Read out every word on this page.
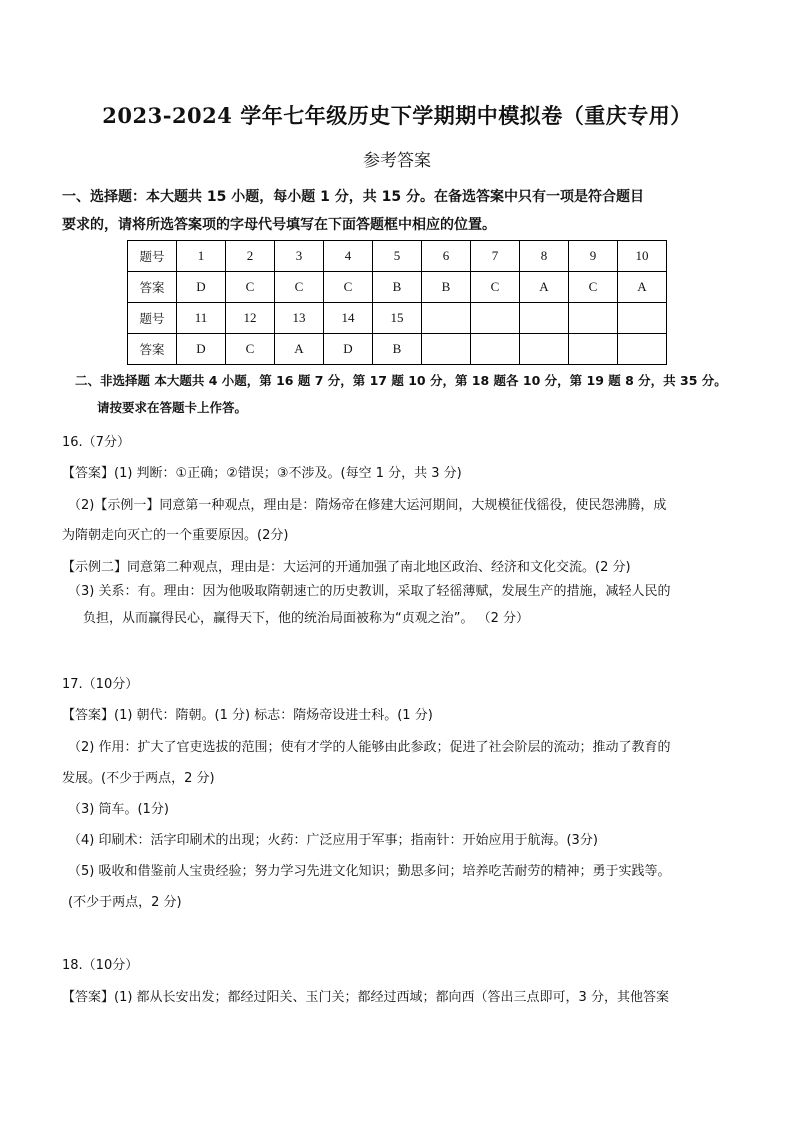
2023-2024 学年七年级历史下学期期中模拟卷（重庆专用）
参考答案
一、选择题：本大题共 15 小题，每小题 1 分，共 15 分。在备选答案中只有一项是符合题目
要求的，请将所选答案项的字母代号填写在下面答题框中相应的位置。
题号	1	2	3	4	5	6	7	8	9	10
答案	D	C	C	C	B	B	C	A	C	A
题号	11	12	13	14	15					
答案	D	C	A	D	B					
二、非选择题 本大题共 4 小题，第 16 题 7 分，第 17 题 10 分，第 18 题各 10 分，第 19 题 8 分，共 35 分。
请按要求在答题卡上作答。
16.（7分）
【答案】(1) 判断：①正确；②错误；③不涉及。(每空 1 分，共 3 分)
（2)【示例一】同意第一种观点，理由是：隋炀帝在修建大运河期间，大规模征伐徭役，使民怨沸腾，成
为隋朝走向灭亡的一个重要原因。(2分)
【示例二】同意第二种观点，理由是：大运河的开通加强了南北地区政治、经济和文化交流。(2 分)
（3) 关系：有。理由：因为他吸取隋朝速亡的历史教训，采取了轻徭薄赋，发展生产的措施，减轻人民的
负担，从而赢得民心，赢得天下，他的统治局面被称为“贞观之治”。 （2 分）
17.（10分）
【答案】(1) 朝代：隋朝。(1 分) 标志：隋炀帝设进士科。(1 分)
（2) 作用：扩大了官吏选拔的范围；使有才学的人能够由此参政；促进了社会阶层的流动；推动了教育的
发展。(不少于两点，2 分)
（3) 筒车。(1分)
（4) 印刷术：活字印刷术的出现；火药：广泛应用于军事；指南针：开始应用于航海。(3分)
（5) 吸收和借鉴前人宝贵经验；努力学习先进文化知识；勤思多问；培养吃苦耐劳的精神；勇于实践等。
(不少于两点，2 分)
18.（10分）
【答案】(1) 都从长安出发；都经过阳关、玉门关；都经过西域；都向西（答出三点即可，3 分，其他答案
